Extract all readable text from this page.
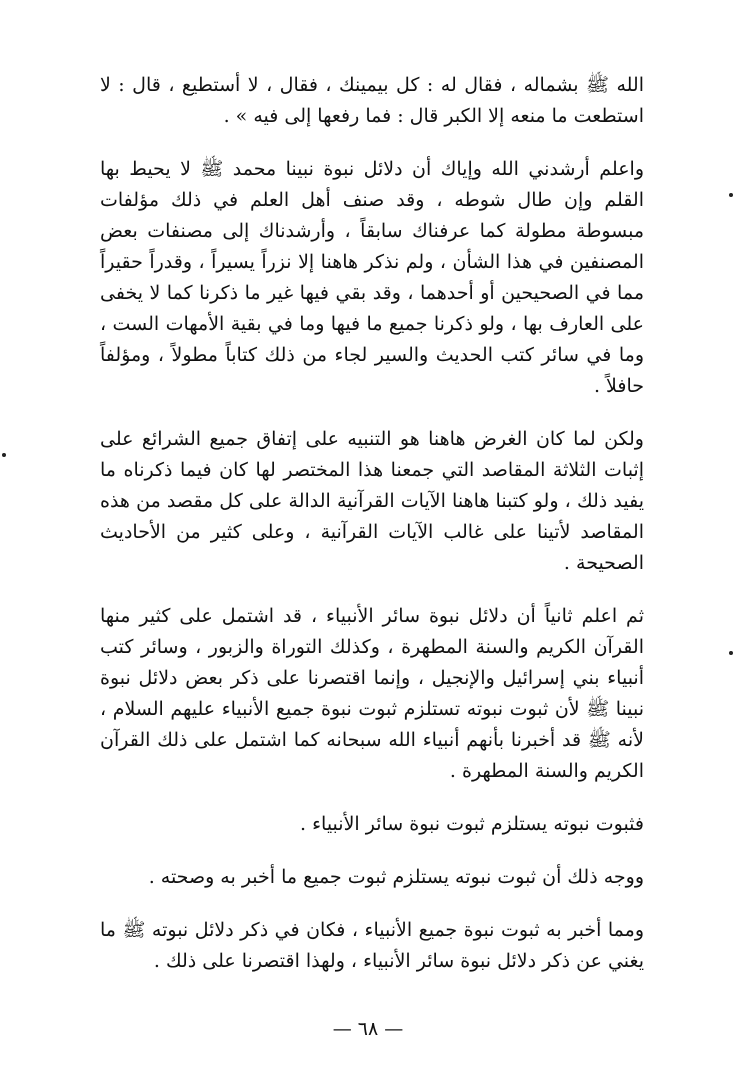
الله ﷺ بشماله ، فقال له : كل بيمينك ، فقال ، لا أستطيع ، قال : لا استطعت ما منعه إلا الكبر قال : فما رفعها إلى فيه » .

واعلم أرشدني الله وإياك أن دلائل نبوة نبينا محمد ﷺ لا يحيط بها القلم وإن طال شوطه ، وقد صنف أهل العلم في ذلك مؤلفات مبسوطة مطولة كما عرفناك سابقاً ، وأرشدناك إلى مصنفات بعض المصنفين في هذا الشأن ، ولم نذكر هاهنا إلا نزراً يسيراً ، وقدراً حقيراً مما في الصحيحين أو أحدهما ، وقد بقي فيها غير ما ذكرنا كما لا يخفى على العارف بها ، ولو ذكرنا جميع ما فيها وما في بقية الأمهات الست ، وما في سائر كتب الحديث والسير لجاء من ذلك كتاباً مطولاً ، ومؤلفاً حافلاً .

ولكن لما كان الغرض هاهنا هو التنبيه على إتفاق جميع الشرائع على إثبات الثلاثة المقاصد التي جمعنا هذا المختصر لها كان فيما ذكرناه ما يفيد ذلك ، ولو كتبنا هاهنا الآيات القرآنية الدالة على كل مقصد من هذه المقاصد لأتينا على غالب الآيات القرآنية ، وعلى كثير من الأحاديث الصحيحة .

ثم اعلم ثانياً أن دلائل نبوة سائر الأنبياء ، قد اشتمل على كثير منها القرآن الكريم والسنة المطهرة ، وكذلك التوراة والزبور ، وسائر كتب أنبياء بني إسرائيل والإنجيل ، وإنما اقتصرنا على ذكر بعض دلائل نبوة نبينا ﷺ لأن ثبوت نبوته تستلزم ثبوت نبوة جميع الأنبياء عليهم السلام ، لأنه ﷺ قد أخبرنا بأنهم أنبياء الله سبحانه كما اشتمل على ذلك القرآن الكريم والسنة المطهرة .

فثبوت نبوته يستلزم ثبوت نبوة سائر الأنبياء .

ووجه ذلك أن ثبوت نبوته يستلزم ثبوت جميع ما أخبر به وصحته .

ومما أخبر به ثبوت نبوة جميع الأنبياء ، فكان في ذكر دلائل نبوته ﷺ ما يغني عن ذكر دلائل نبوة سائر الأنبياء ، ولهذا اقتصرنا على ذلك .

— ٦٨ —
